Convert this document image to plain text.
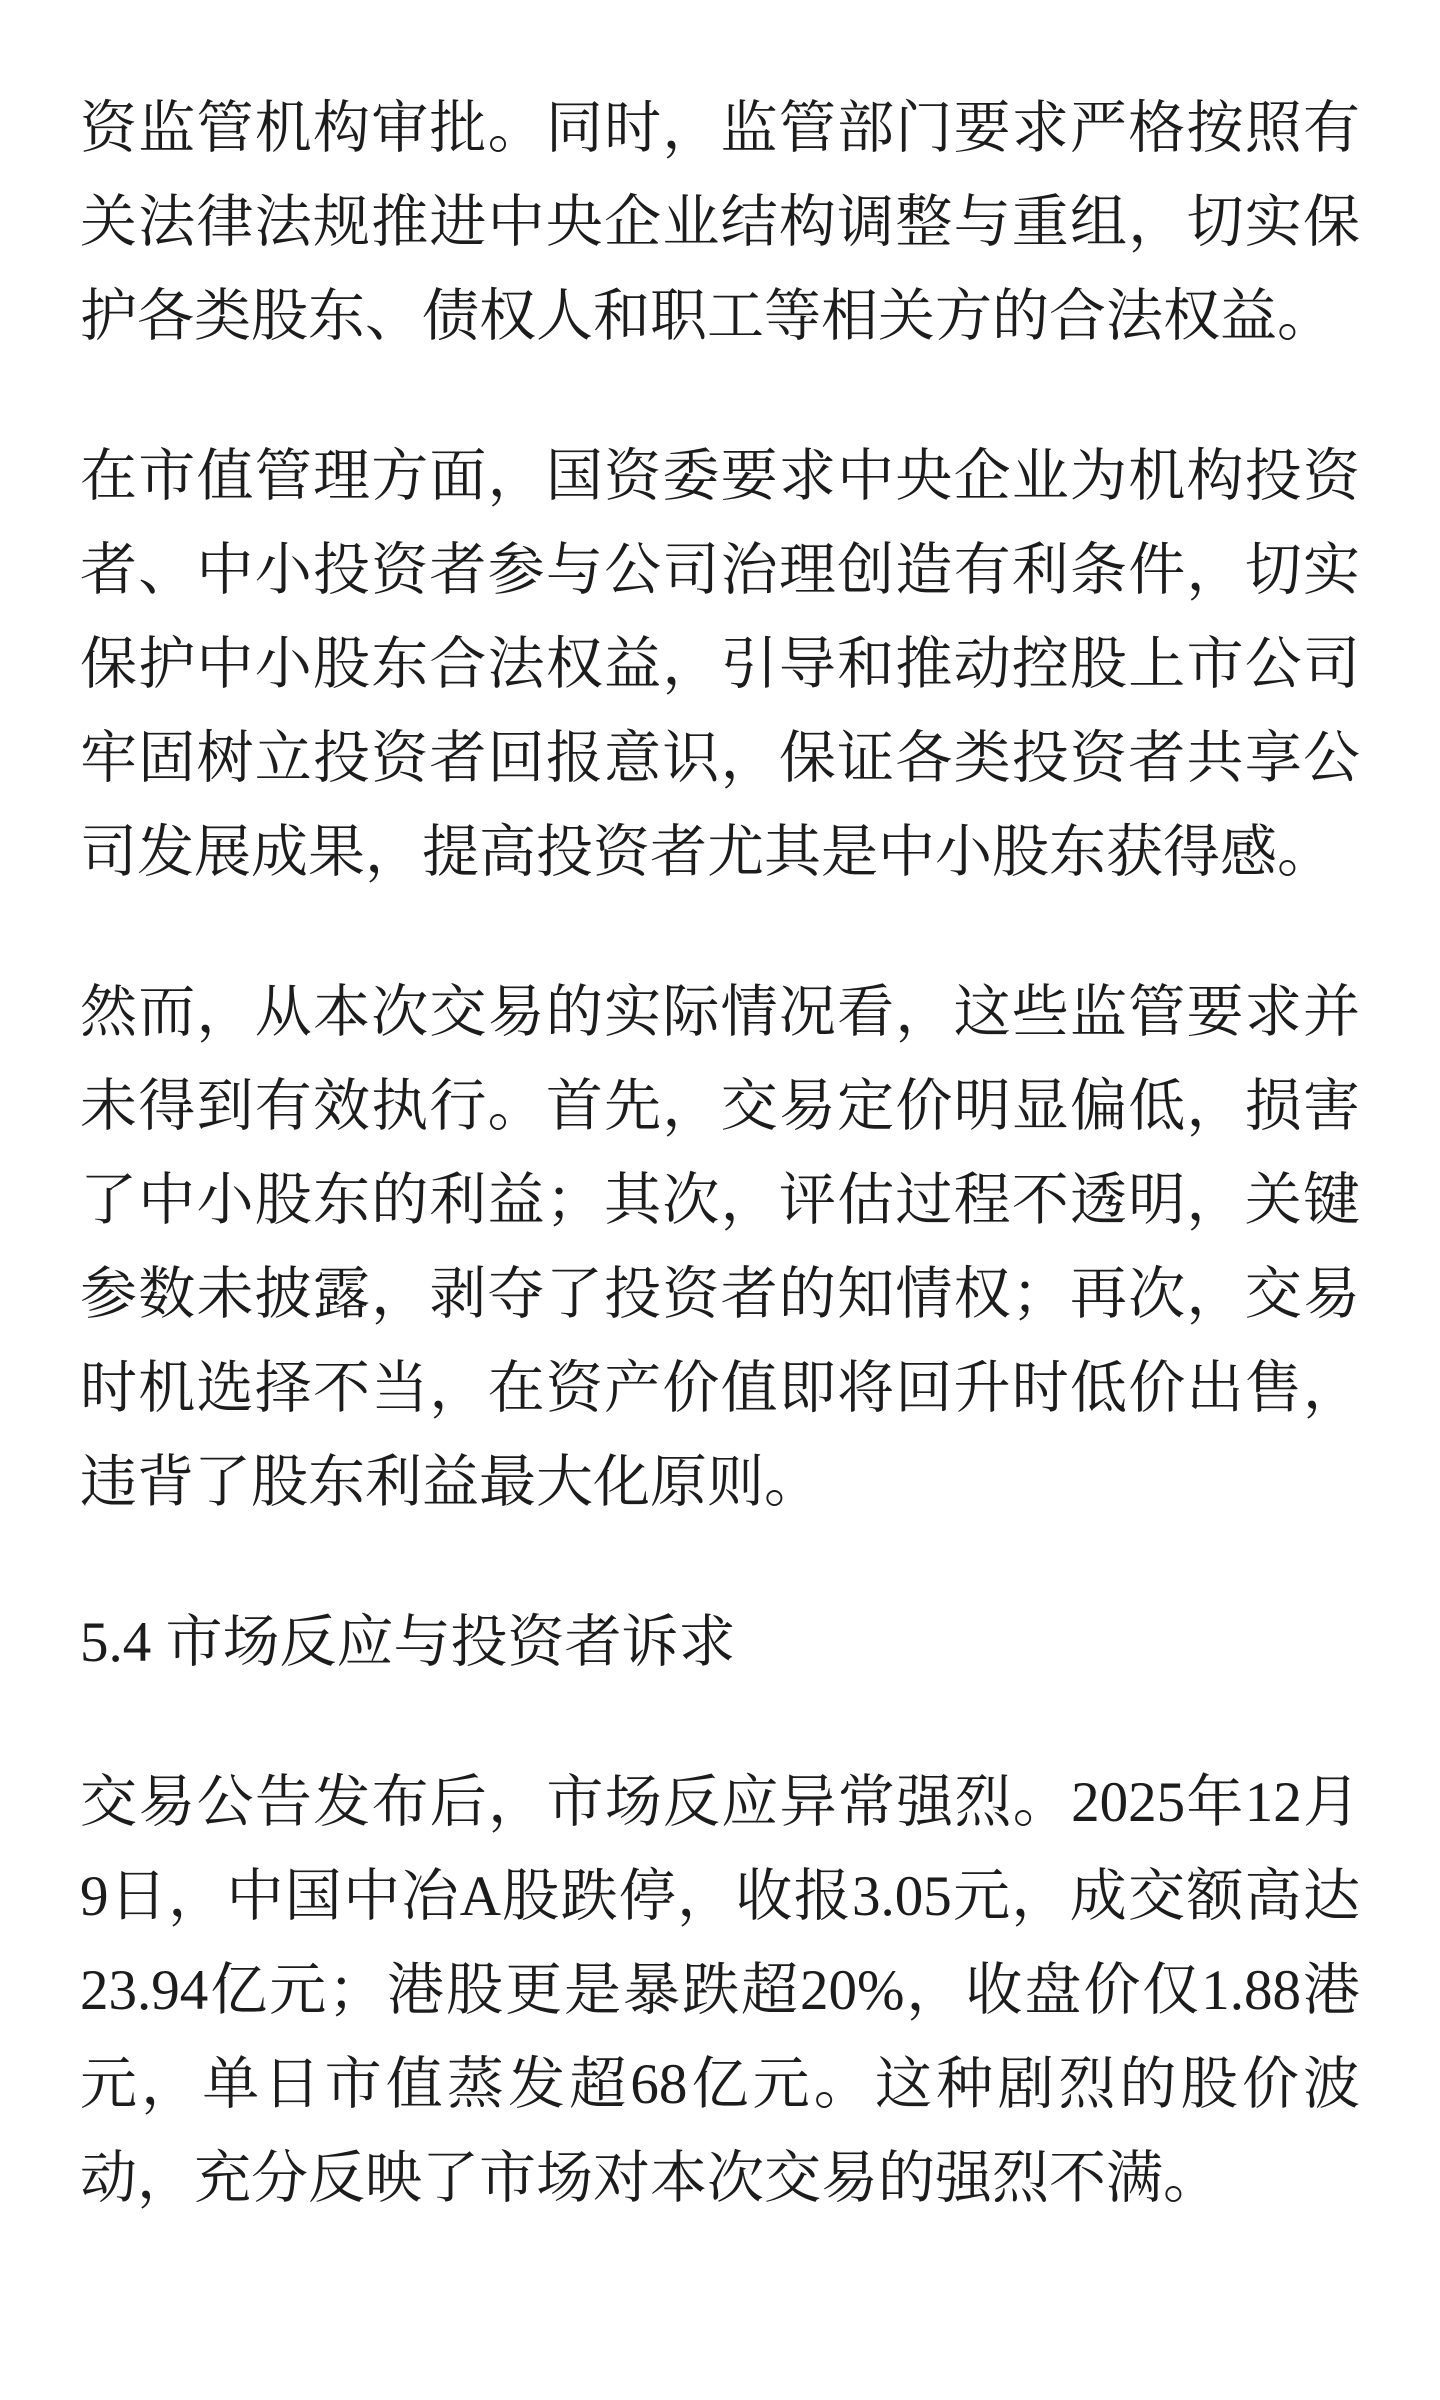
资监管机构审批。同时，监管部门要求严格按照有关法律法规推进中央企业结构调整与重组，切实保护各类股东、债权人和职工等相关方的合法权益。

在市值管理方面，国资委要求中央企业为机构投资者、中小投资者参与公司治理创造有利条件，切实保护中小股东合法权益，引导和推动控股上市公司牢固树立投资者回报意识，保证各类投资者共享公司发展成果，提高投资者尤其是中小股东获得感。

然而，从本次交易的实际情况看，这些监管要求并未得到有效执行。首先，交易定价明显偏低，损害了中小股东的利益；其次，评估过程不透明，关键参数未披露，剥夺了投资者的知情权；再次，交易时机选择不当，在资产价值即将回升时低价出售，违背了股东利益最大化原则。

5.4 市场反应与投资者诉求

交易公告发布后，市场反应异常强烈。2025年12月9日，中国中冶A股跌停，收报3.05元，成交额高达23.94亿元；港股更是暴跌超20%，收盘价仅1.88港元，单日市值蒸发超68亿元。这种剧烈的股价波动，充分反映了市场对本次交易的强烈不满。
